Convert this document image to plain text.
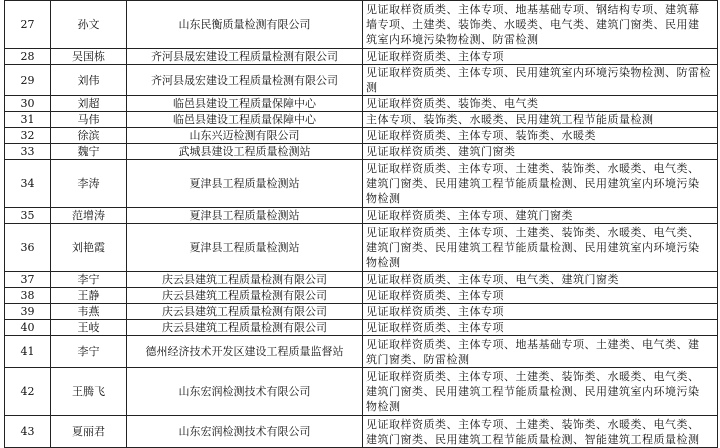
27	孙文	山东民衡质量检测有限公司	见证取样资质类、主体专项、地基基础专项、钢结构专项、建筑幕
墙专项、土建类、装饰类、水暖类、电气类、建筑门窗类、民用建
筑室内环境污染物检测、防雷检测
28	吴国栋	齐河县晟宏建设工程质量检测有限公司	见证取样资质类、主体专项
29	刘伟	齐河县晟宏建设工程质量检测有限公司	见证取样资质类、主体专项、民用建筑室内环境污染物检测、防雷检测
30	刘超	临邑县建设工程质量保障中心	见证取样资质类、装饰类、电气类
31	马伟	临邑县建设工程质量保障中心	主体专项、装饰类、水暖类、民用建筑工程节能质量检测
32	徐滨	山东兴迈检测有限公司	见证取样资质类、主体专项、装饰类、水暖类
33	魏宁	武城县建设工程质量检测站	见证取样资质类、建筑门窗类
34	李涛	夏津县工程质量检测站	见证取样资质类、主体专项、土建类、装饰类、水暖类、电气类、
建筑门窗类、民用建筑工程节能质量检测、民用建筑室内环境污染
物检测
35	范增涛	夏津县工程质量检测站	见证取样资质类、主体专项、建筑门窗类
36	刘艳霞	夏津县工程质量检测站	见证取样资质类、主体专项、土建类、装饰类、水暖类、电气类、
建筑门窗类、民用建筑工程节能质量检测、民用建筑室内环境污染
物检测
37	李宁	庆云县建筑工程质量检测有限公司	见证取样资质类、主体专项、电气类、建筑门窗类
38	王静	庆云县建筑工程质量检测有限公司	见证取样资质类、主体专项
39	韦燕	庆云县建筑工程质量检测有限公司	见证取样资质类、主体专项
40	王岐	庆云县建筑工程质量检测有限公司	见证取样资质类、主体专项
41	李宁	德州经济技术开发区建设工程质量监督站	见证取样资质类、主体专项、地基基础专项、土建类、电气类、建
筑门窗类、防雷检测
42	王腾飞	山东宏润检测技术有限公司	见证取样资质类、主体专项、土建类、装饰类、水暖类、电气类、
建筑门窗类、民用建筑工程节能质量检测、民用建筑室内环境污染
物检测
43	夏丽君	山东宏润检测技术有限公司	见证取样资质类、主体专项、土建类、装饰类、水暖类、电气类、
建筑门窗类、民用建筑工程节能质量检测、智能建筑工程质量检测
